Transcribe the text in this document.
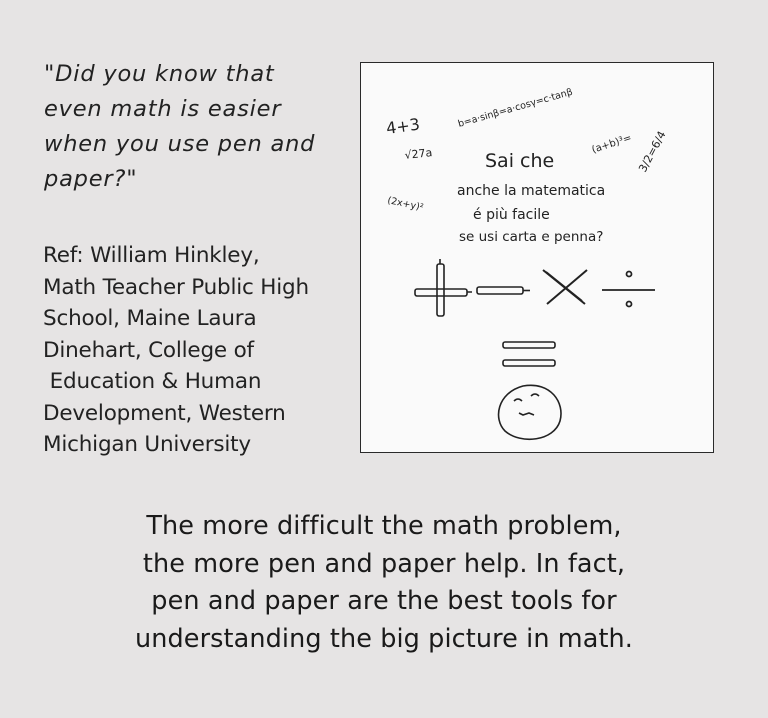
"Did you know that
even math is easier
when you use pen and
paper?"
Ref: William Hinkley,
Math Teacher Public High
School, Maine Laura
Dinehart, College of
Education & Human
Development, Western
Michigan University
4+3
√27a
b=a·sinβ=a·cosγ=c·tanβ
(a+b)³=
(2x+y)²
3/2=6/4
Sai che
anche la matematica
é più facile
se usi carta e penna?
The more difficult the math problem,
the more pen and paper help. In fact,
pen and paper are the best tools for
understanding the big picture in math.
